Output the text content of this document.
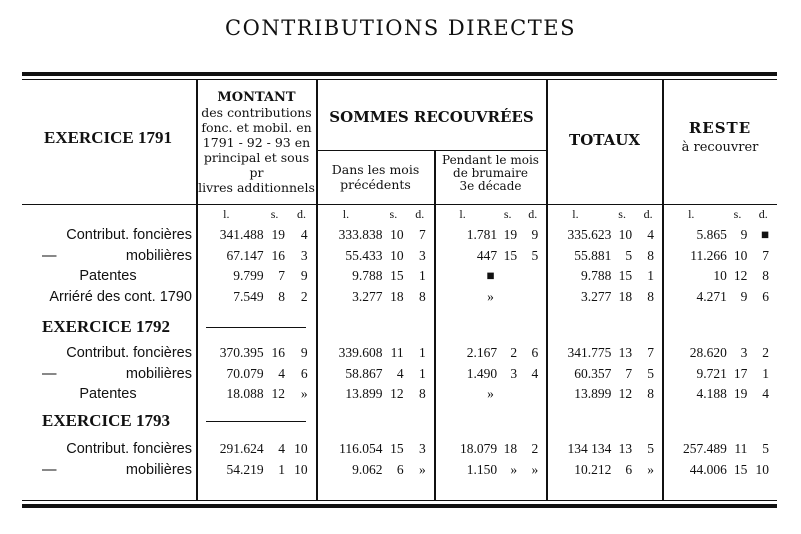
CONTRIBUTIONS DIRECTES
EXERCICE 1791
MONTANT
des contributions
fonc. et mobil. en
1791 - 92 - 93 en
principal et sous pr
livres additionnels
SOMMES RECOUVRÉES
Dans les mois
précédents
Pendant le mois
de brumaire
3e décade
TOTAUX
RESTE
à recouvrer
l.	s. d.	l.	s. d.	l.	s. d.	l.	s. d.	l.	s. d.
Contribut. foncières	341.488 19	4	333.838 10	7	1.781 19	9	335.623 10	4	5.865	9	■
—	mobilières	67.147 16	3	55.433 10	3	447 15	5	55.881	5	8	11.266 10	7
Patentes	9.799	7	9	9.788 15	1	■	9.788 15	1	10 12	8
Arriéré des cont. 1790	7.549	8	2	3.277 18	8	»	3.277 18	8	4.271	9	6
EXERCICE 1792
Contribut. foncières	370.395 16	9	339.608 11	1	2.167 2	6	341.775 13	7	28.620	3	2
—	mobilières	70.079	4	6	58.867	4	1	1.490 3	4	60.357	7	5	9.721 17	1
Patentes	18.088 12	»	13.899 12	8	»	13.899 12	8	4.188 19	4
EXERCICE 1793
Contribut. foncières	291.624	4 10	116.054 15	3	18.079 18	2	134 134 13	5	257.489 11	5
—	mobilières	54.219	1 10	9.062	6	»	1.150 »	»	10.212	6	»	44.006 15 10
